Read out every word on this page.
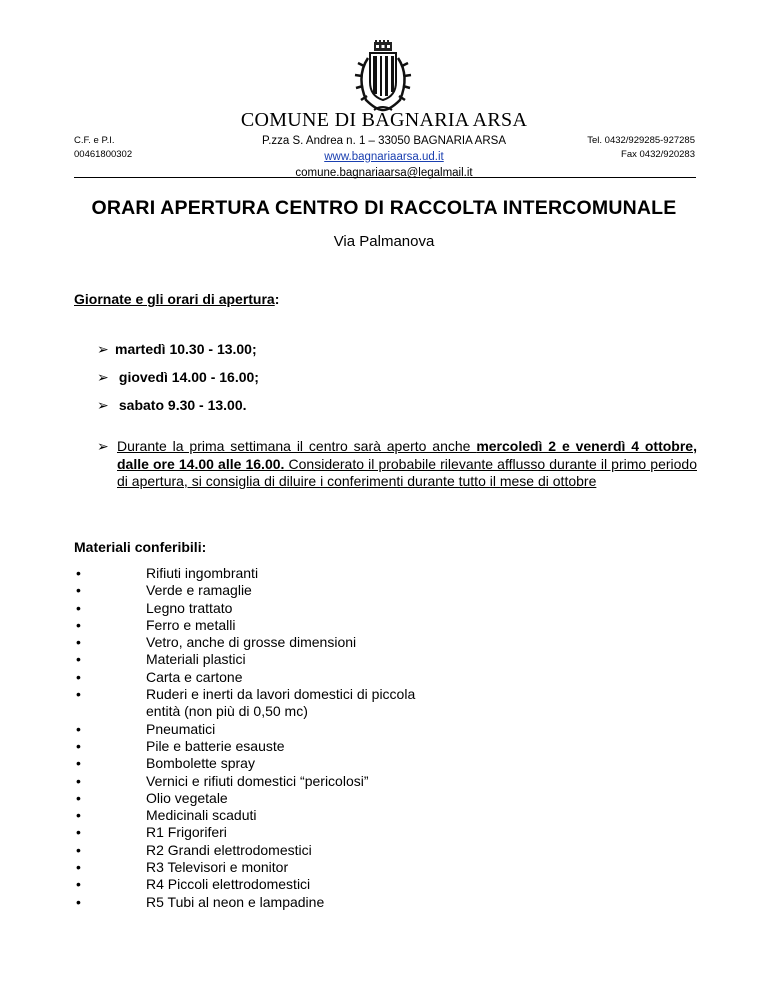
COMUNE DI BAGNARIA ARSA
C.F. e P.I.
00461800302
P.zza S. Andrea n. 1 – 33050 BAGNARIA ARSA
www.bagnariaarsa.ud.it
comune.bagnariaarsa@legalmail.it
Tel. 0432/929285-927285
Fax 0432/920283
ORARI APERTURA CENTRO DI RACCOLTA INTERCOMUNALE
Via Palmanova
Giornate e gli orari di apertura:
➢ martedì 10.30 - 13.00;
➢ giovedì 14.00 - 16.00;
➢ sabato 9.30 - 13.00.
➢ Durante la prima settimana il centro sarà aperto anche mercoledì 2 e venerdì 4 ottobre, dalle ore 14.00 alle 16.00. Considerato il probabile rilevante afflusso durante il primo periodo di apertura, si consiglia di diluire i conferimenti durante tutto il mese di ottobre

Materiali conferibili:
•	Rifiuti ingombranti
•	Verde e ramaglie
•	Legno trattato
•	Ferro e metalli
•	Vetro, anche di grosse dimensioni
•	Materiali plastici
•	Carta e cartone
•	Ruderi e inerti da lavori domestici di piccola entità (non più di 0,50 mc)
•	Pneumatici
•	Pile e batterie esauste
•	Bombolette spray
•	Vernici e rifiuti domestici “pericolosi”
•	Olio vegetale
•	Medicinali scaduti
•	R1 Frigoriferi
•	R2 Grandi elettrodomestici
•	R3 Televisori e monitor
•	R4 Piccoli elettrodomestici
•	R5 Tubi al neon e lampadine
